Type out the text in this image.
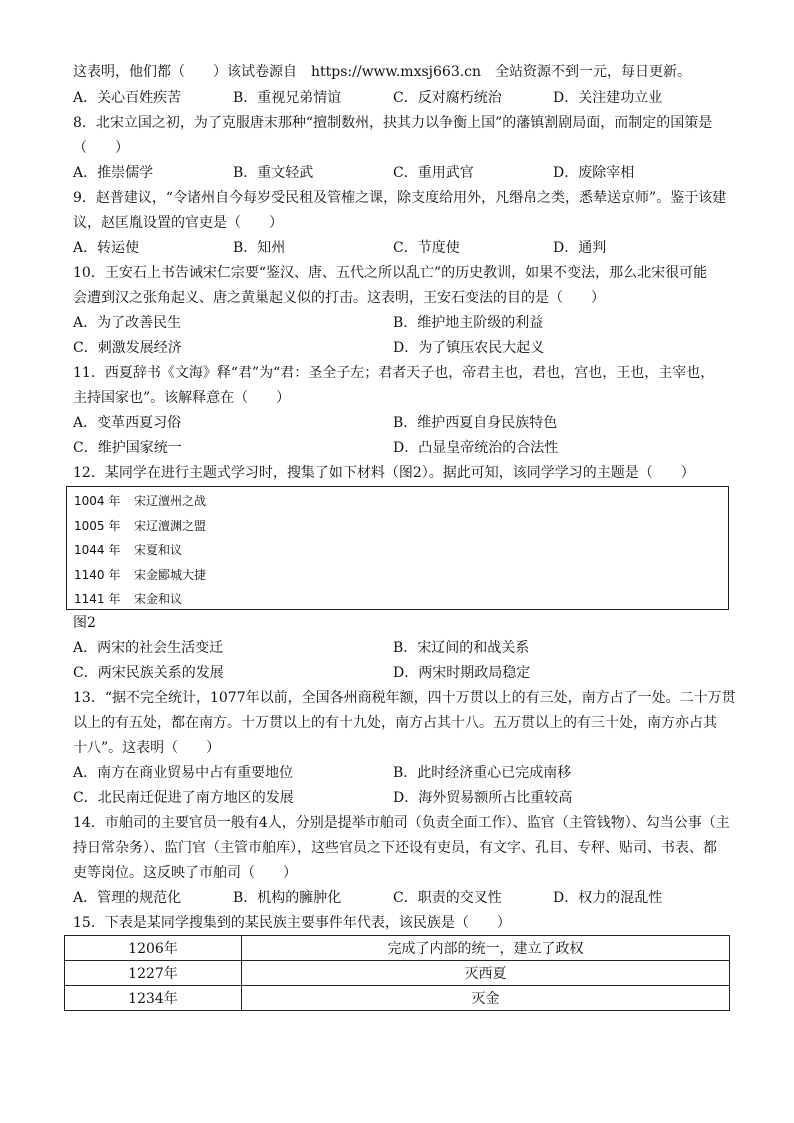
这表明，他们都（　　）该试卷源自　https://www.mxsj663.cn　全站资源不到一元，每日更新。
A．关心百姓疾苦	B．重视兄弟情谊	C．反对腐朽统治	D．关注建功立业
8．北宋立国之初，为了克服唐末那种“擅制数州，抉其力以争衡上国”的藩镇割剧局面，而制定的国策是
（　　）
A．推崇儒学	B．重文轻武	C．重用武官	D．废除宰相
9．赵普建议，“令诸州自今每岁受民租及管榷之课，除支度给用外，凡缗帛之类，悉辇送京师”。鉴于该建
议，赵匡胤设置的官吏是（　　）
A．转运使	B．知州	C．节度使	D．通判
10．王安石上书告诫宋仁宗要“鉴汉、唐、五代之所以乱亡”的历史教训，如果不变法，那么北宋很可能
会遭到汉之张角起义、唐之黄巢起义似的打击。这表明，王安石变法的目的是（　　）
A．为了改善民生	B．维护地主阶级的利益
C．刺激发展经济	D．为了镇压农民大起义
11．西夏辞书《文海》释“君”为“君：圣全子左；君者天子也，帝君主也，君也，宫也，王也，主宰也，
主持国家也”。该解释意在（　　）
A．变革西夏习俗	B．维护西夏自身民族特色
C．维护国家统一	D．凸显皇帝统治的合法性
12．某同学在进行主题式学习时，搜集了如下材料（图2）。据此可知，该同学学习的主题是（　　）
1004 年 宋辽澶州之战
1005 年 宋辽澶渊之盟
1044 年 宋夏和议
1140 年 宋金郾城大捷
1141 年 宋金和议
图2
A．两宋的社会生活变迁	B．宋辽间的和战关系
C．两宋民族关系的发展	D．两宋时期政局稳定
13．“据不完全统计，1077年以前，全国各州商税年额，四十万贯以上的有三处，南方占了一处。二十万贯
以上的有五处，都在南方。十万贯以上的有十九处，南方占其十八。五万贯以上的有三十处，南方亦占其
十八”。这表明（　　）
A．南方在商业贸易中占有重要地位	B．此时经济重心已完成南移
C．北民南迁促进了南方地区的发展	D．海外贸易额所占比重较高
14．市舶司的主要官员一般有4人，分别是提举市舶司（负责全面工作）、监官（主管钱物）、勾当公事（主
持日常杂务）、监门官（主管市舶库），这些官员之下还设有吏员，有文字、孔目、专秤、贴司、书表、都
吏等岗位。这反映了市舶司（　　）
A．管理的规范化	B．机构的臃肿化	C．职责的交叉性	D．权力的混乱性
15．下表是某同学搜集到的某民族主要事件年代表，该民族是（　　）
1206年	完成了内部的统一，建立了政权
1227年	灭西夏
1234年	灭金
